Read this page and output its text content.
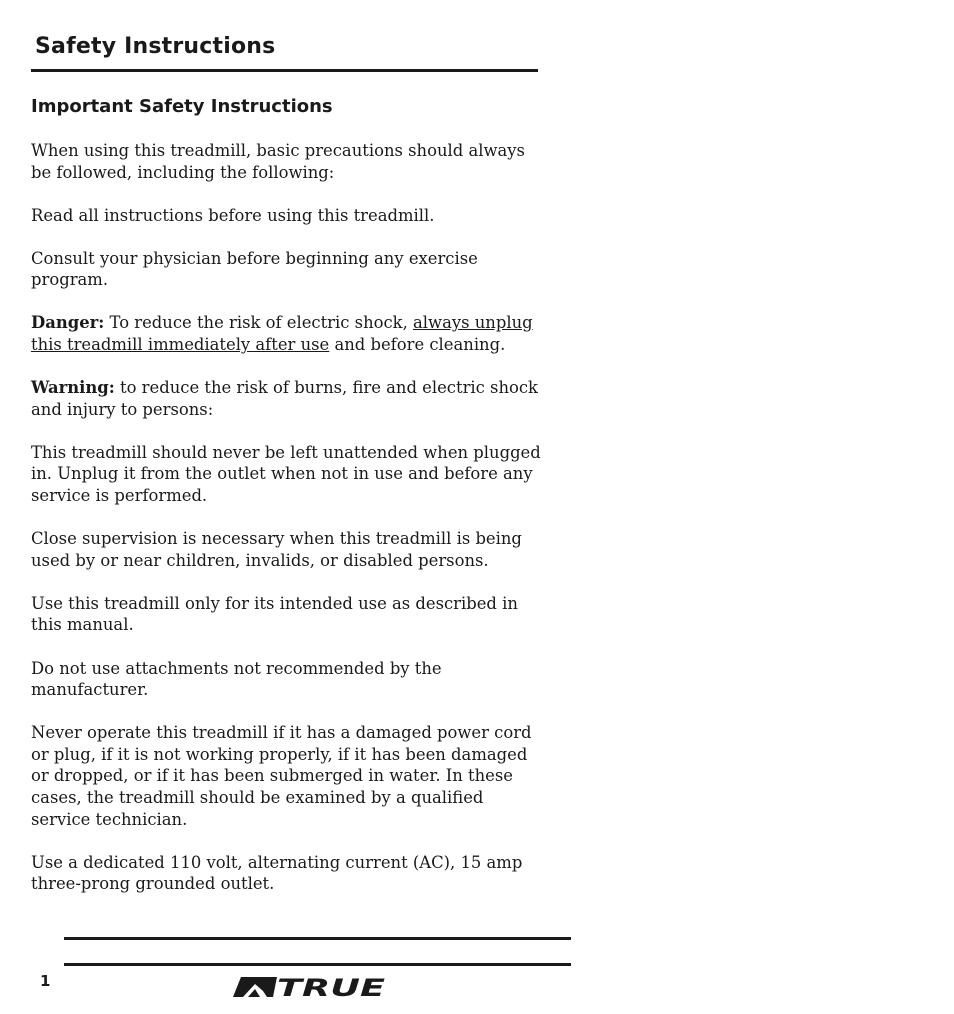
Safety Instructions
Important Safety Instructions

When using this treadmill, basic precautions should always be followed, including the following:

Read all instructions before using this treadmill.

Consult your physician before beginning any exercise program.

Danger: To reduce the risk of electric shock, always unplug this treadmill immediately after use and before cleaning.

Warning: to reduce the risk of burns, fire and electric shock and injury to persons:

This treadmill should never be left unattended when plugged in. Unplug it from the outlet when not in use and before any service is performed.

Close supervision is necessary when this treadmill is being used by or near children, invalids, or disabled persons.

Use this treadmill only for its intended use as described in this manual.

Do not use attachments not recommended by the manufacturer.

Never operate this treadmill if it has a damaged power cord or plug, if it is not working properly, if it has been damaged or dropped, or if it has been submerged in water. In these cases, the treadmill should be examined by a qualified service technician.

Use a dedicated 110 volt, alternating current (AC), 15 amp three-prong grounded outlet.

1	TRUE
